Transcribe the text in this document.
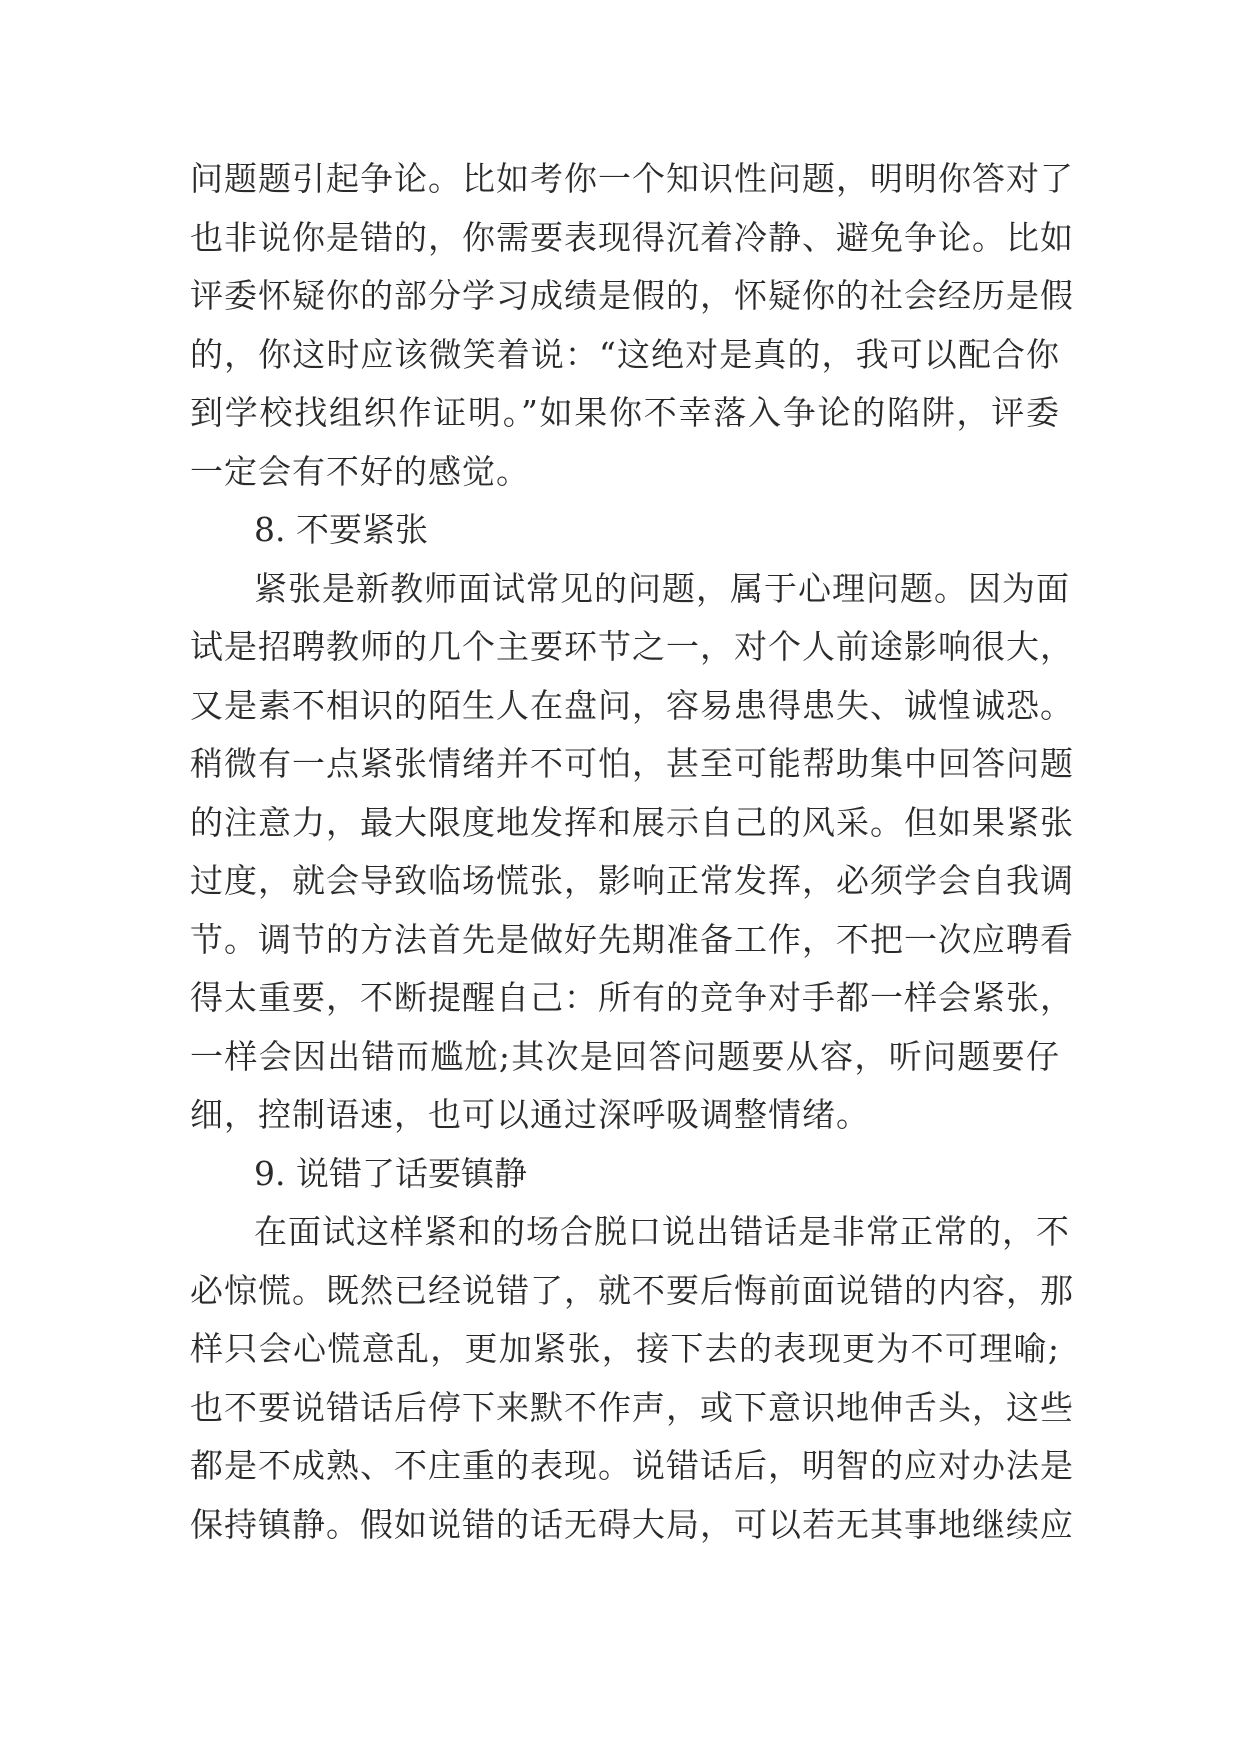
问题题引起争论。比如考你一个知识性问题，明明你答对了
也非说你是错的，你需要表现得沉着冷静、避免争论。比如
评委怀疑你的部分学习成绩是假的，怀疑你的社会经历是假
的，你这时应该微笑着说：“这绝对是真的，我可以配合你
到学校找组织作证明。”如果你不幸落入争论的陷阱，评委
一定会有不好的感觉。
8. 不要紧张
紧张是新教师面试常见的问题，属于心理问题。因为面
试是招聘教师的几个主要环节之一，对个人前途影响很大，
又是素不相识的陌生人在盘问，容易患得患失、诚惶诚恐。
稍微有一点紧张情绪并不可怕，甚至可能帮助集中回答问题
的注意力，最大限度地发挥和展示自己的风采。但如果紧张
过度，就会导致临场慌张，影响正常发挥，必须学会自我调
节。调节的方法首先是做好先期准备工作，不把一次应聘看
得太重要，不断提醒自己：所有的竞争对手都一样会紧张，
一样会因出错而尴尬;其次是回答问题要从容，听问题要仔
细，控制语速，也可以通过深呼吸调整情绪。
9. 说错了话要镇静
在面试这样紧和的场合脱口说出错话是非常正常的，不
必惊慌。既然已经说错了，就不要后悔前面说错的内容，那
样只会心慌意乱，更加紧张，接下去的表现更为不可理喻;
也不要说错话后停下来默不作声，或下意识地伸舌头，这些
都是不成熟、不庄重的表现。说错话后，明智的应对办法是
保持镇静。假如说错的话无碍大局，可以若无其事地继续应
